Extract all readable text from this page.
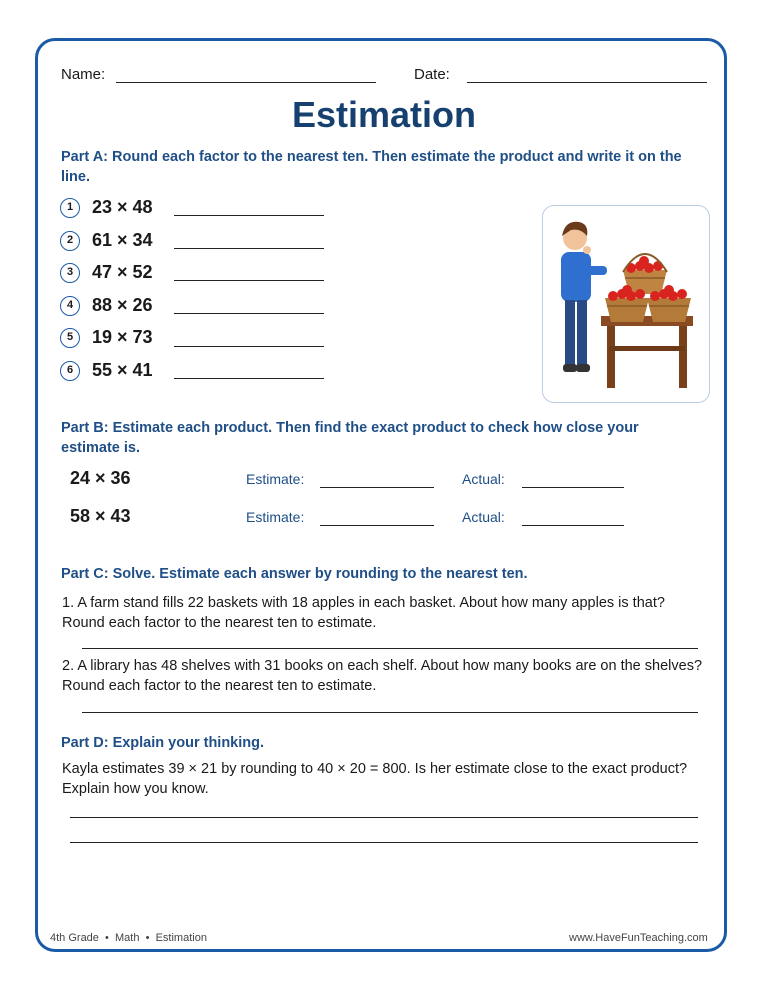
Name:	Date:
Estimation
Part A: Round each factor to the nearest ten. Then estimate the product and write it on the line.
1	23 × 48
2	61 × 34
3	47 × 52
4	88 × 26
5	19 × 73
6	55 × 41
Part B: Estimate each product. Then find the exact product to check how close your estimate is.
24 × 36	Estimate:	Actual:
58 × 43	Estimate:	Actual:
Part C: Solve. Estimate each answer by rounding to the nearest ten.
1. A farm stand fills 22 baskets with 18 apples in each basket. About how many apples is that? Round each factor to the nearest ten to estimate.
2. A library has 48 shelves with 31 books on each shelf. About how many books are on the shelves? Round each factor to the nearest ten to estimate.
Part D: Explain your thinking.
Kayla estimates 39 × 21 by rounding to 40 × 20 = 800. Is her estimate close to the exact product? Explain how you know.
4th Grade  •  Math  •  Estimation	www.HaveFunTeaching.com
